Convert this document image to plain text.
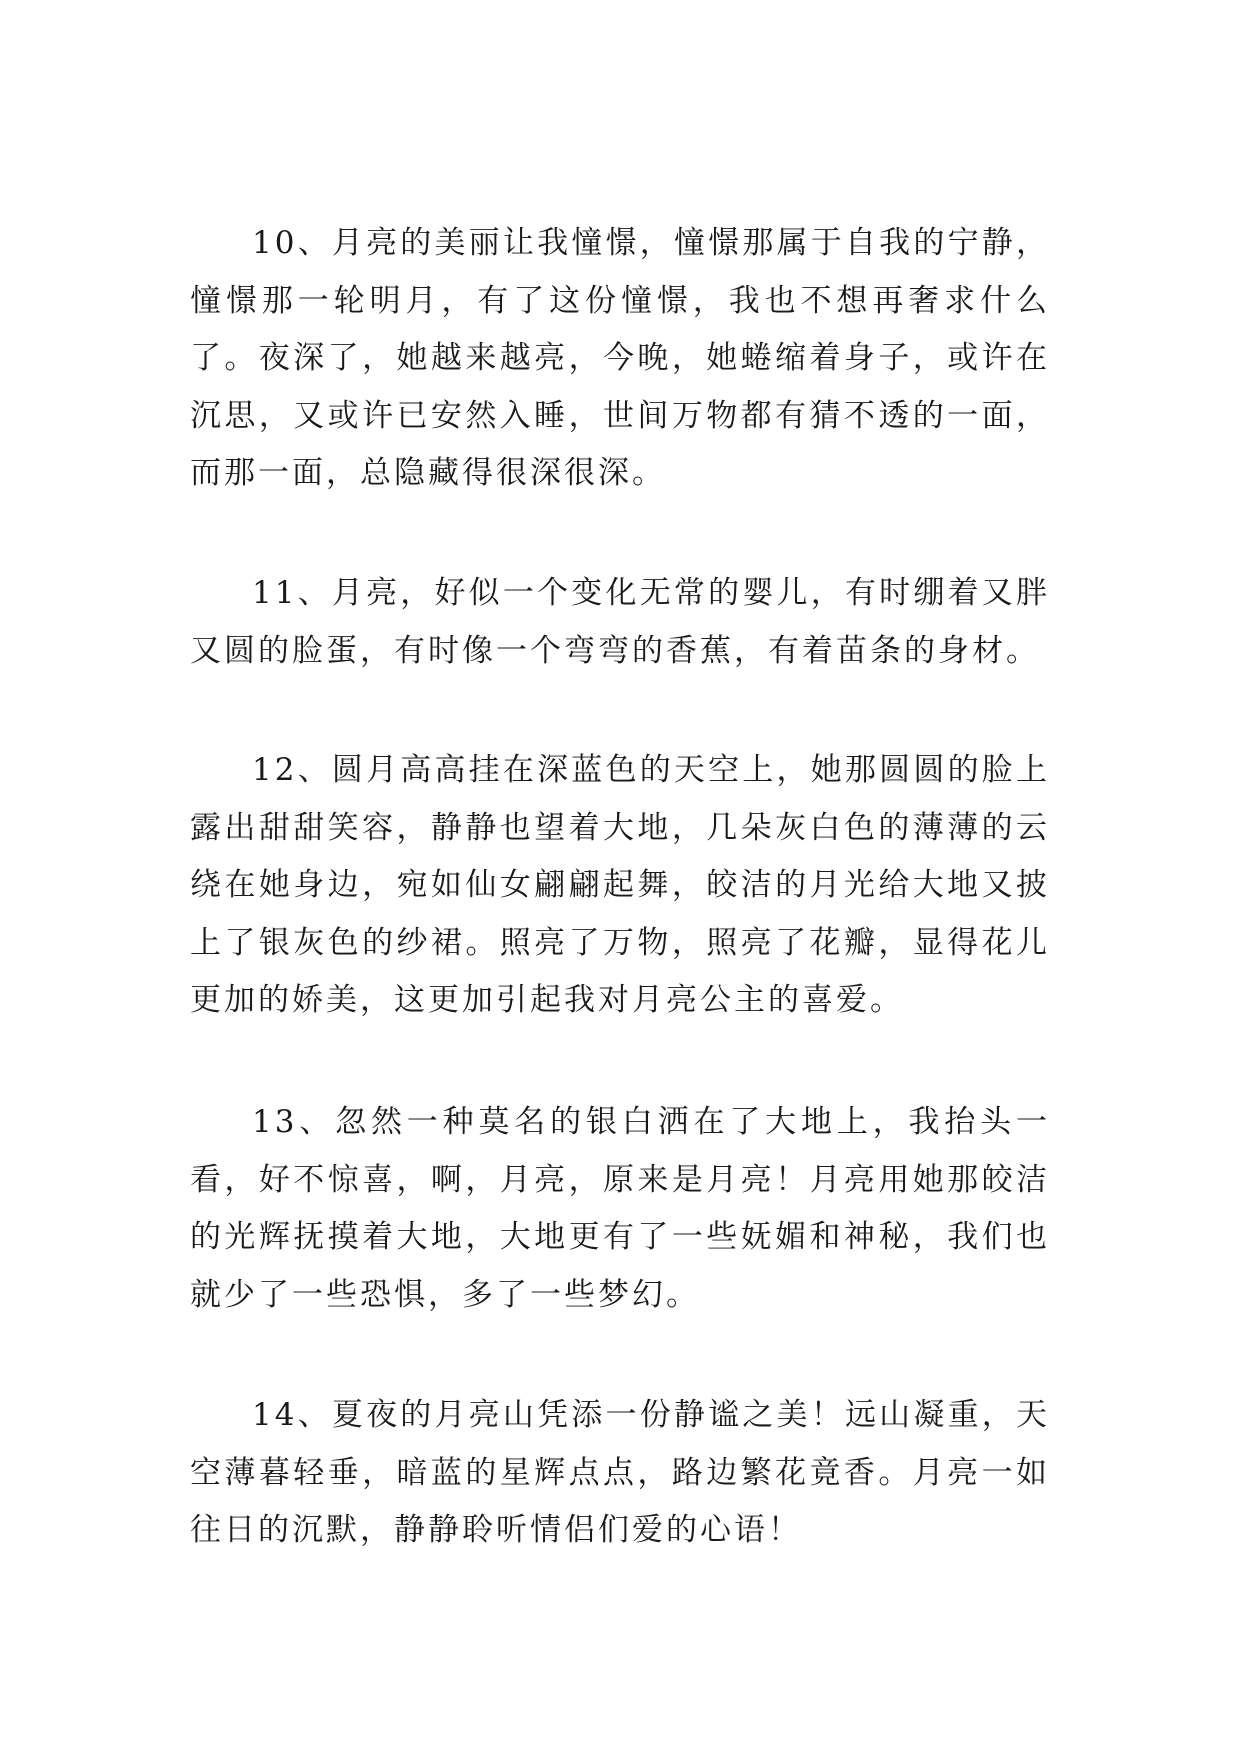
10、月亮的美丽让我憧憬，憧憬那属于自我的宁静，憧憬那一轮明月，有了这份憧憬，我也不想再奢求什么了。夜深了，她越来越亮，今晚，她蜷缩着身子，或许在沉思，又或许已安然入睡，世间万物都有猜不透的一面，而那一面，总隐藏得很深很深。

11、月亮，好似一个变化无常的婴儿，有时绷着又胖又圆的脸蛋，有时像一个弯弯的香蕉，有着苗条的身材。

12、圆月高高挂在深蓝色的天空上，她那圆圆的脸上露出甜甜笑容，静静也望着大地，几朵灰白色的薄薄的云绕在她身边，宛如仙女翩翩起舞，皎洁的月光给大地又披上了银灰色的纱裙。照亮了万物，照亮了花瓣，显得花儿更加的娇美，这更加引起我对月亮公主的喜爱。

13、忽然一种莫名的银白洒在了大地上，我抬头一看，好不惊喜，啊，月亮，原来是月亮！月亮用她那皎洁的光辉抚摸着大地，大地更有了一些妩媚和神秘，我们也就少了一些恐惧，多了一些梦幻。

14、夏夜的月亮山凭添一份静谧之美！远山凝重，天空薄暮轻垂，暗蓝的星辉点点，路边繁花竟香。月亮一如往日的沉默，静静聆听情侣们爱的心语！
